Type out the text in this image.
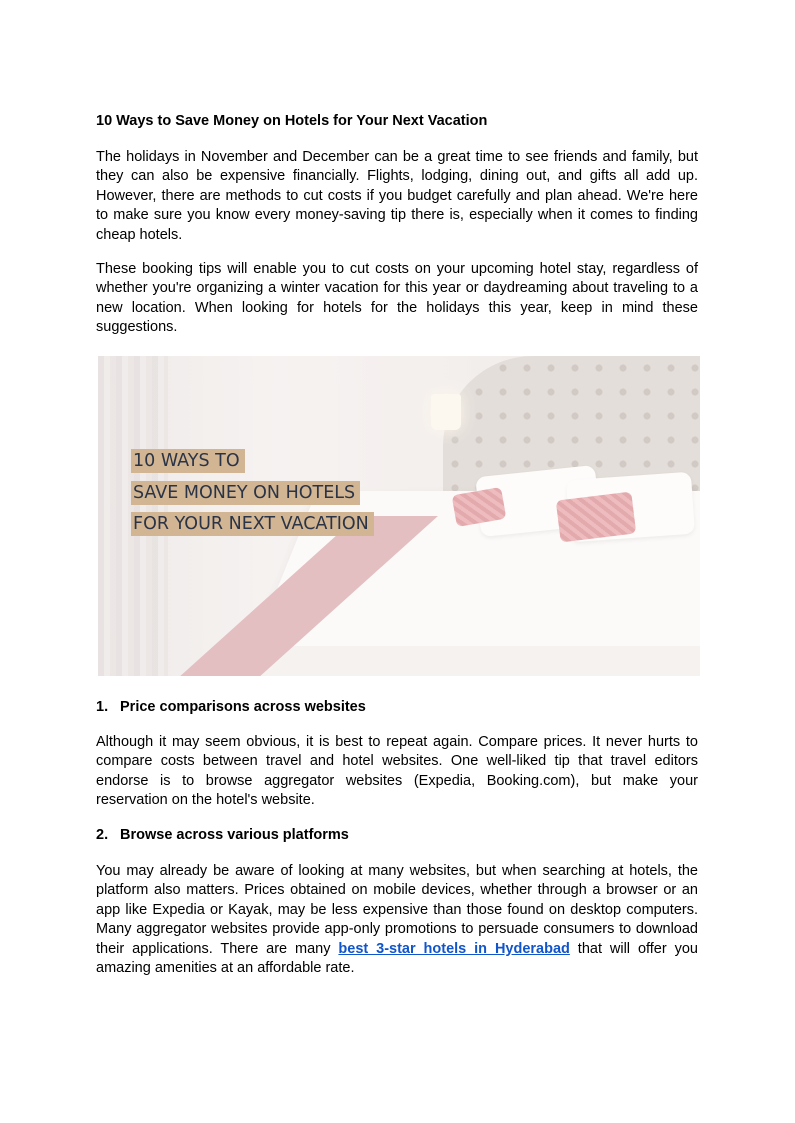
10 Ways to Save Money on Hotels for Your Next Vacation

The holidays in November and December can be a great time to see friends and family, but they can also be expensive financially. Flights, lodging, dining out, and gifts all add up. However, there are methods to cut costs if you budget carefully and plan ahead. We're here to make sure you know every money-saving tip there is, especially when it comes to finding cheap hotels.

These booking tips will enable you to cut costs on your upcoming hotel stay, regardless of whether you're organizing a winter vacation for this year or daydreaming about traveling to a new location. When looking for hotels for the holidays this year, keep in mind these suggestions.

1. Price comparisons across websites

Although it may seem obvious, it is best to repeat again. Compare prices. It never hurts to compare costs between travel and hotel websites. One well-liked tip that travel editors endorse is to browse aggregator websites (Expedia, Booking.com), but make your reservation on the hotel's website.

2. Browse across various platforms

You may already be aware of looking at many websites, but when searching at hotels, the platform also matters. Prices obtained on mobile devices, whether through a browser or an app like Expedia or Kayak, may be less expensive than those found on desktop computers. Many aggregator websites provide app-only promotions to persuade consumers to download their applications. There are many best 3-star hotels in Hyderabad that will offer you amazing amenities at an affordable rate.

10 WAYS TO
SAVE MONEY ON HOTELS
FOR YOUR NEXT VACATION
